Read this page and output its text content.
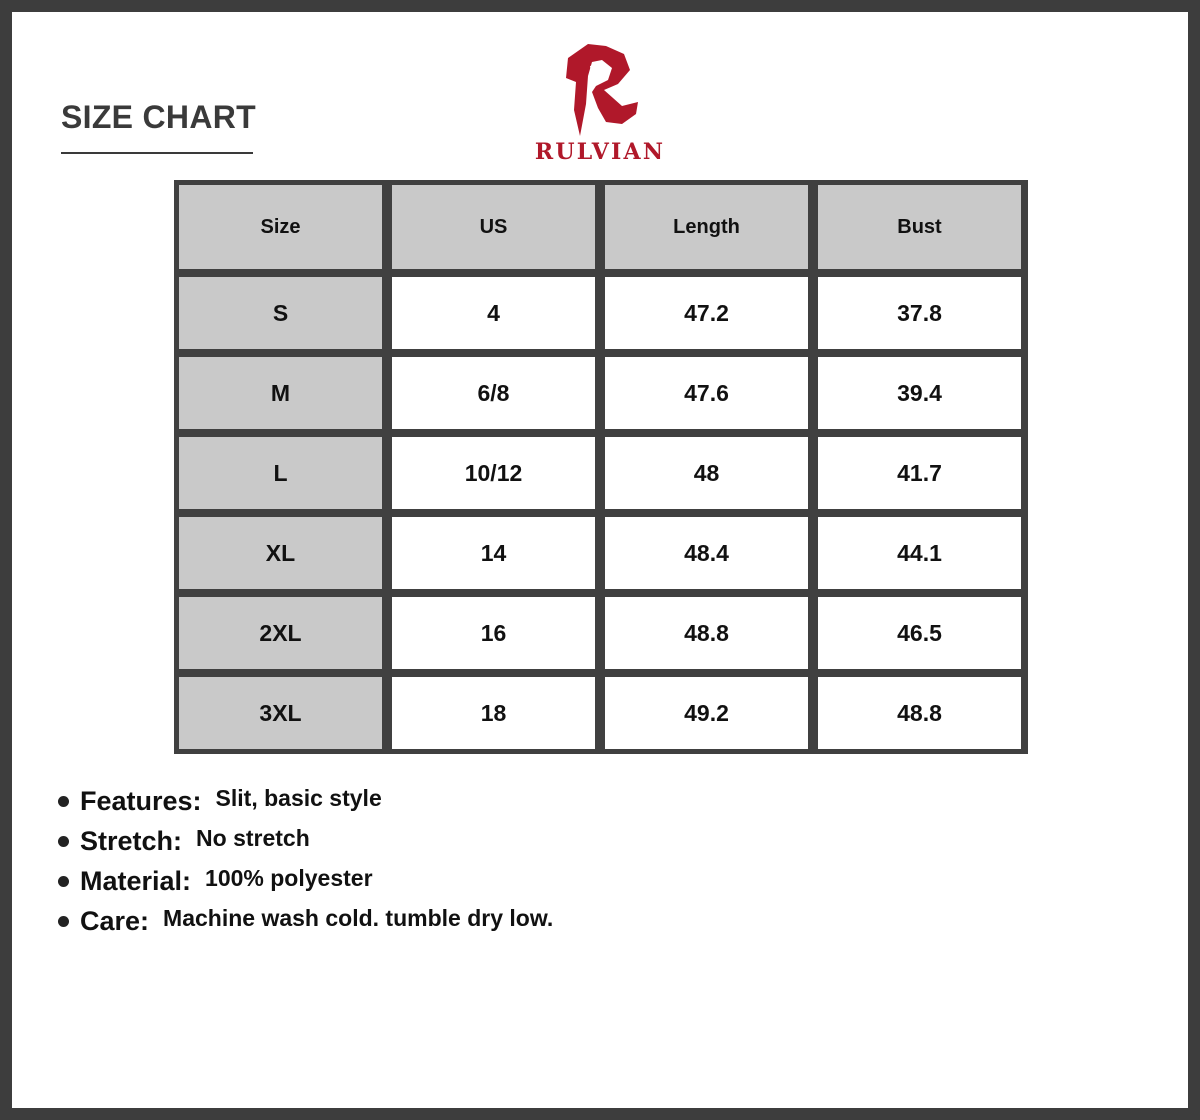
SIZE CHART
RULVIAN
Size	US	Length	Bust
S	4	47.2	37.8
M	6/8	47.6	39.4
L	10/12	48	41.7
XL	14	48.4	44.1
2XL	16	48.8	46.5
3XL	18	49.2	48.8
Features: Slit, basic style
Stretch: No stretch
Material: 100% polyester
Care: Machine wash cold. tumble dry low.
